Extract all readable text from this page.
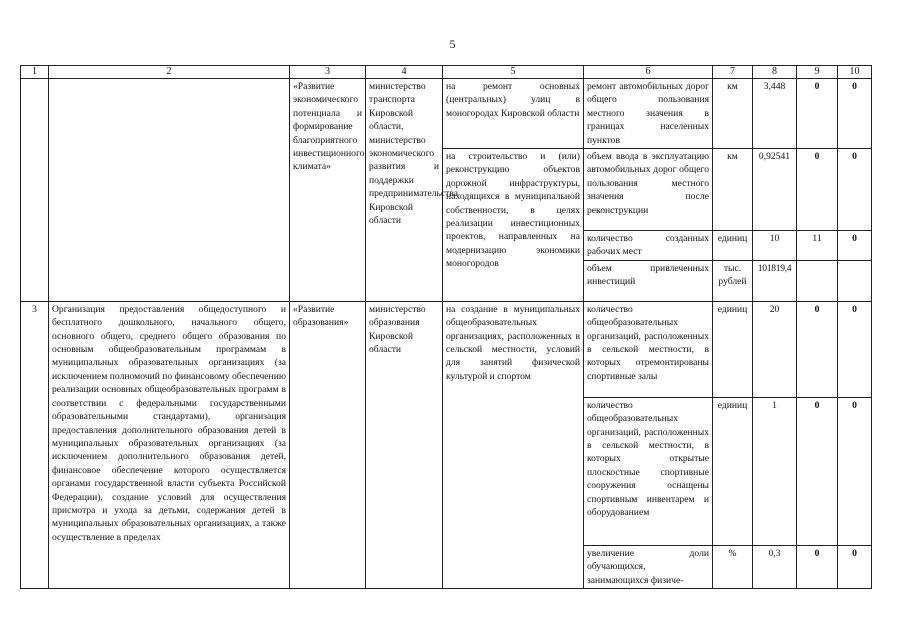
5
1	2	3	4	5	6	7	8	9	10
		«Развитие экономического потенциала и формирование благоприятного инвестиционного климата»	министерство транспорта Кировской области, министерство экономического развития и поддержки предпринимательства Кировской области	на ремонт основных (центральных) улиц в моногородах Кировской области	ремонт автомобильных дорог общего пользования местного значения в границах населенных пунктов	км	3,448	0	0
				на строительство и (или) реконструкцию объектов дорожной инфраструктуры, находящихся в муниципальной собственности, в целях реализации инвестиционных проектов, направленных на модернизацию экономики моногородов	объем ввода в эксплуатацию автомобильных дорог общего пользования местного значения после реконструкции	км	0,92541	0	0
					количество созданных рабочих мест	единиц	10	11	0
					объем привлеченных инвестиций	тыс. рублей	101819,4		
3	Организация предоставления общедоступного и бесплатного дошкольного, начального общего, основного общего, среднего общего образования по основным общеобразовательным программам в муниципальных образовательных организациях (за исключением полномочий по финансовому обеспечению реализации основных общеобразовательных программ в соответствии с федеральными государственными образовательными стандартами), организация предоставления дополнительного образования детей в муниципальных образовательных организациях (за исключением дополнительного образования детей, финансовое обеспечение которого осуществляется органами государственной власти субъекта Российской Федерации), создание условий для осуществления присмотра и ухода за детьми, содержания детей в муниципальных образовательных организациях, а также осуществление в пределах	«Развитие образования»	министерство образования Кировской области	на создание в муниципальных общеобразовательных организациях, расположенных в сельской местности, условий для занятий физической культурой и спортом	количество общеобразовательных организаций, расположенных в сельской местности, в которых отремонтированы спортивные залы	единиц	20	0	0
					количество общеобразовательных организаций, расположенных в сельской местности, в которых открытые плоскостные спортивные сооружения оснащены спортивным инвентарем и оборудованием	единиц	1	0	0
					увеличение доли обучающихся, занимающихся физиче-	%	0,3	0	0
